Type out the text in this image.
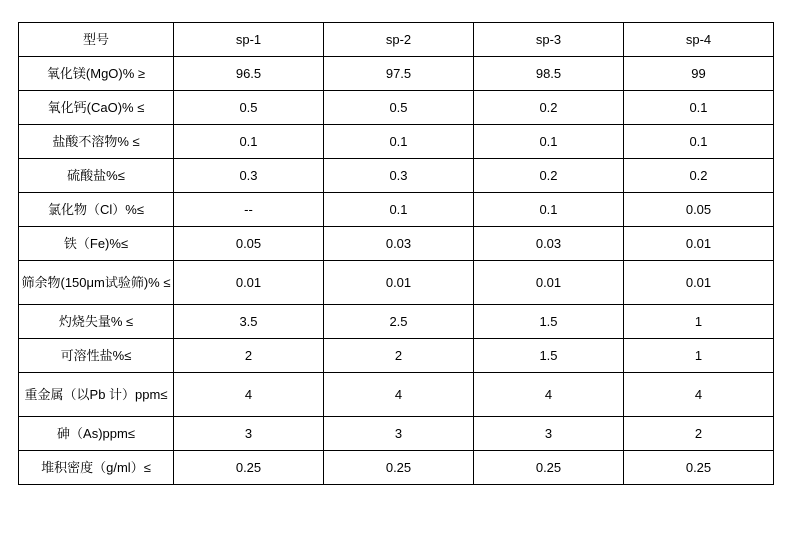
型号	sp-1	sp-2	sp-3	sp-4
氧化镁(MgO)% ≥	96.5	97.5	98.5	99
氧化钙(CaO)% ≤	0.5	0.5	0.2	0.1
盐酸不溶物% ≤	0.1	0.1	0.1	0.1
硫酸盐%≤	0.3	0.3	0.2	0.2
氯化物（Cl）%≤	--	0.1	0.1	0.05
铁（Fe)%≤	0.05	0.03	0.03	0.01
筛余物(150μm试验筛)% ≤	0.01	0.01	0.01	0.01
灼烧失量% ≤	3.5	2.5	1.5	1
可溶性盐%≤	2	2	1.5	1
重金属（以Pb 计）ppm≤	4	4	4	4
砷（As)ppm≤	3	3	3	2
堆积密度（g/ml）≤	0.25	0.25	0.25	0.25
